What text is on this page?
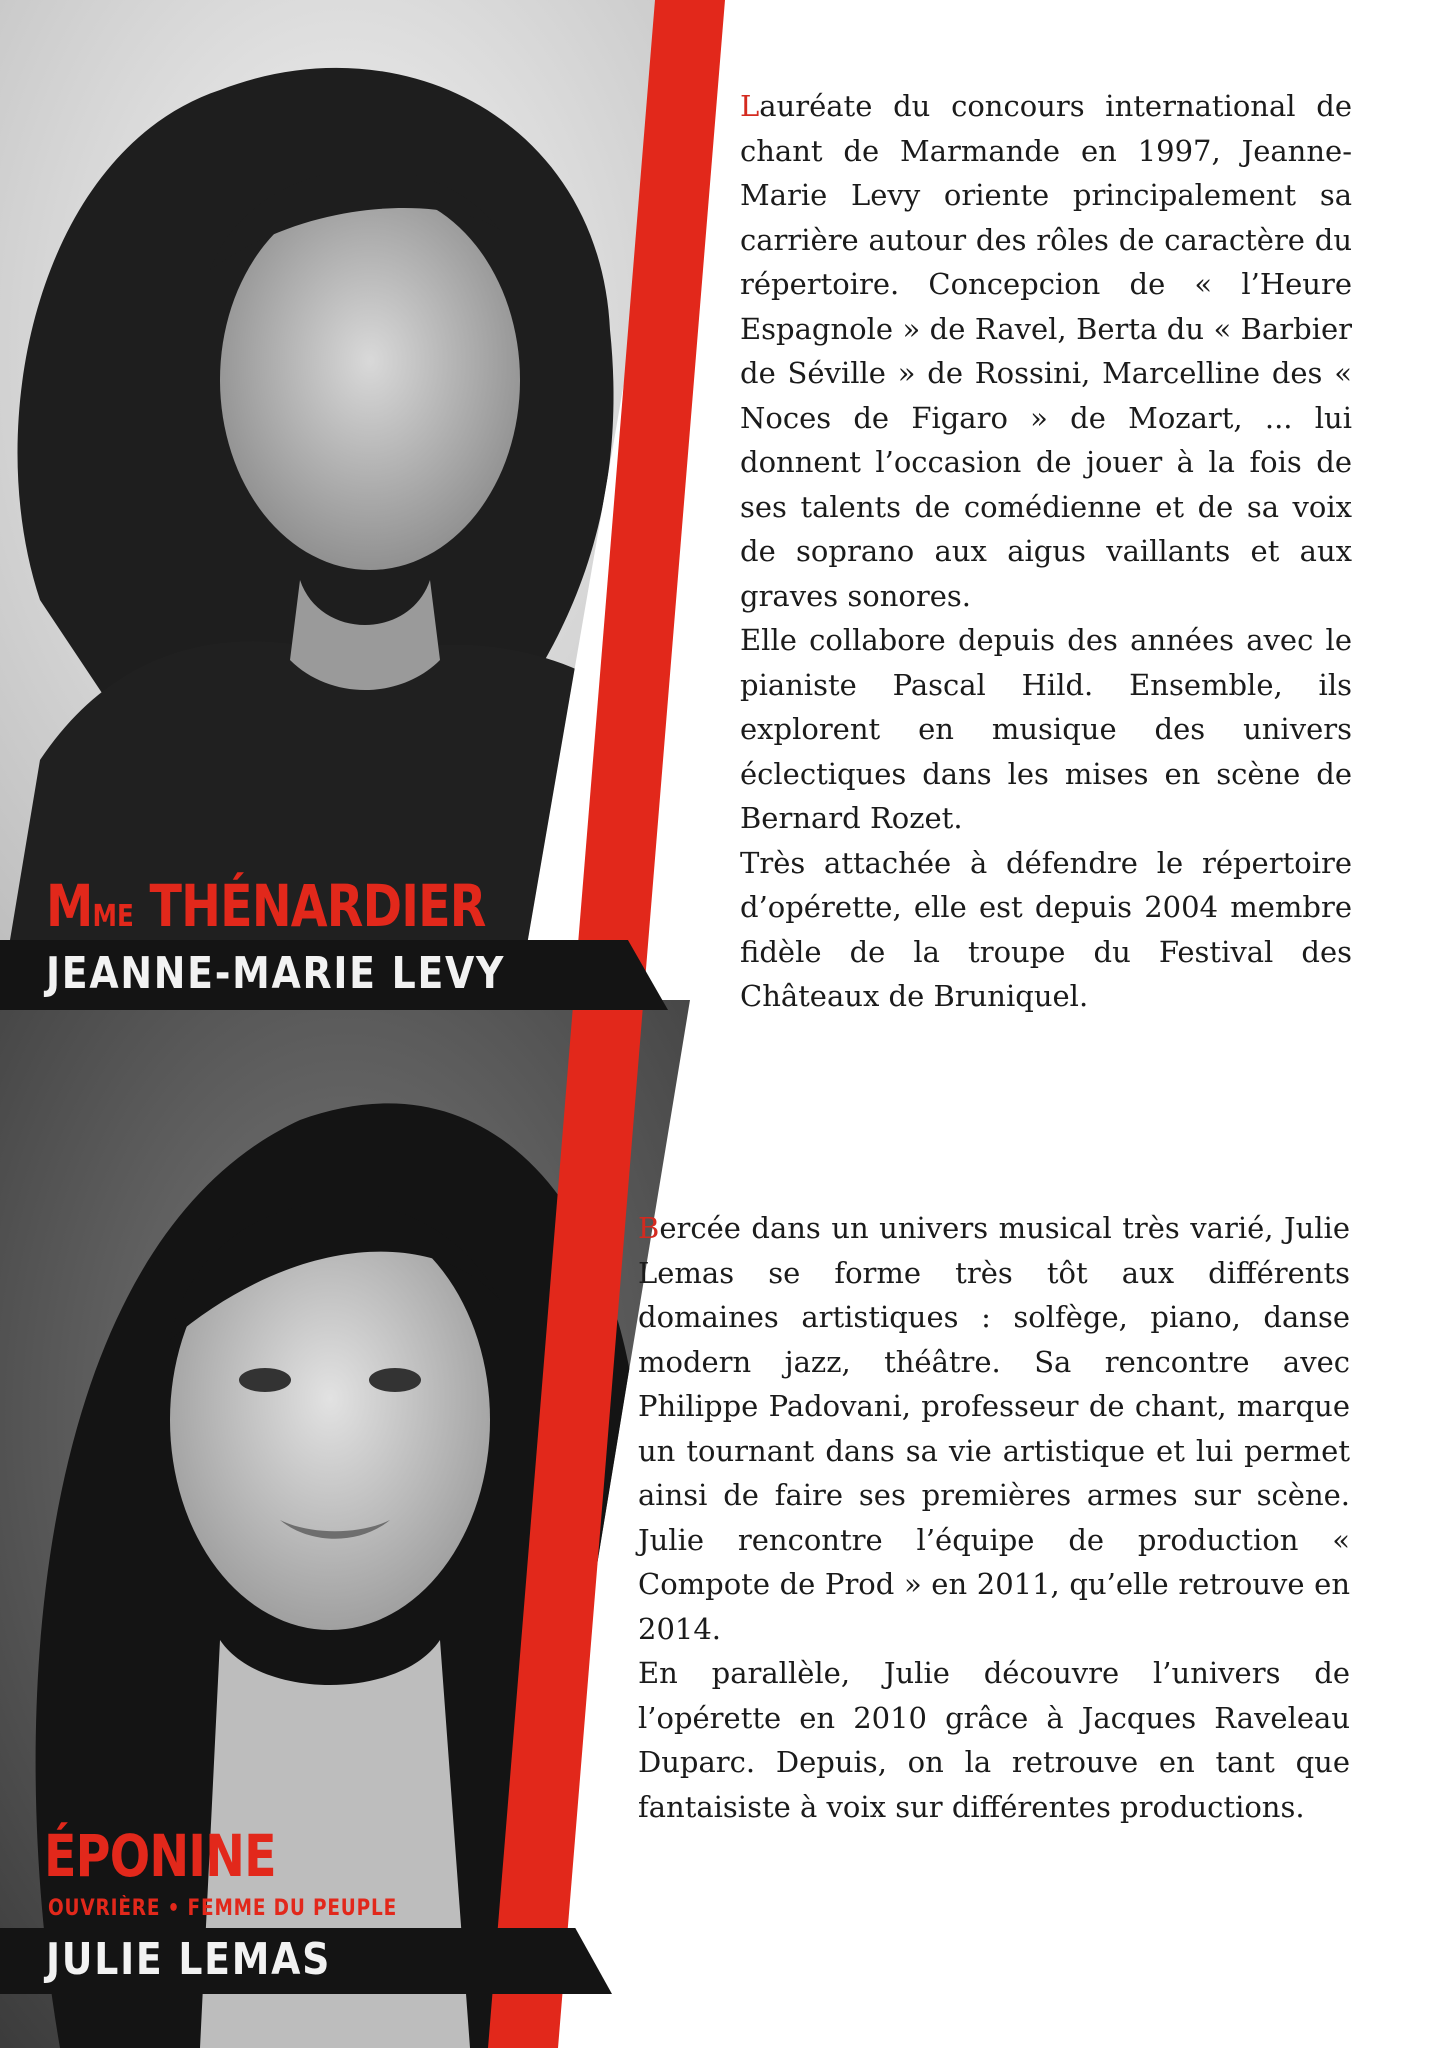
MME THÉNARDIER
JEANNE-MARIE LEVY
ÉPONINE
OUVRIÈRE • FEMME DU PEUPLE
JULIE LEMAS

Lauréate du concours international de chant de Marmande en 1997, Jeanne-Marie Levy oriente principalement sa carrière autour des rôles de caractère du répertoire. Concepcion de « l’Heure Espagnole » de Ravel, Berta du « Barbier de Séville » de Rossini, Marcelline des « Noces de Figaro » de Mozart, ... lui donnent l’occasion de jouer à la fois de ses talents de comédienne et de sa voix de soprano aux aigus vaillants et aux graves sonores.

Elle collabore depuis des années avec le pianiste Pascal Hild. Ensemble, ils explorent en musique des univers éclectiques dans les mises en scène de Bernard Rozet.

Très attachée à défendre le répertoire d’opérette, elle est depuis 2004 membre fidèle de la troupe du Festival des Châteaux de Bruniquel.

Bercée dans un univers musical très varié, Julie Lemas se forme très tôt aux différents domaines artistiques : solfège, piano, danse modern jazz, théâtre. Sa rencontre avec Philippe Padovani, professeur de chant, marque un tournant dans sa vie artistique et lui permet ainsi de faire ses premières armes sur scène. Julie rencontre l’équipe de production « Compote de Prod » en 2011, qu’elle retrouve en 2014.

En parallèle, Julie découvre l’univers de l’opérette en 2010 grâce à Jacques Raveleau Duparc. Depuis, on la retrouve en tant que fantaisiste à voix sur différentes productions.
